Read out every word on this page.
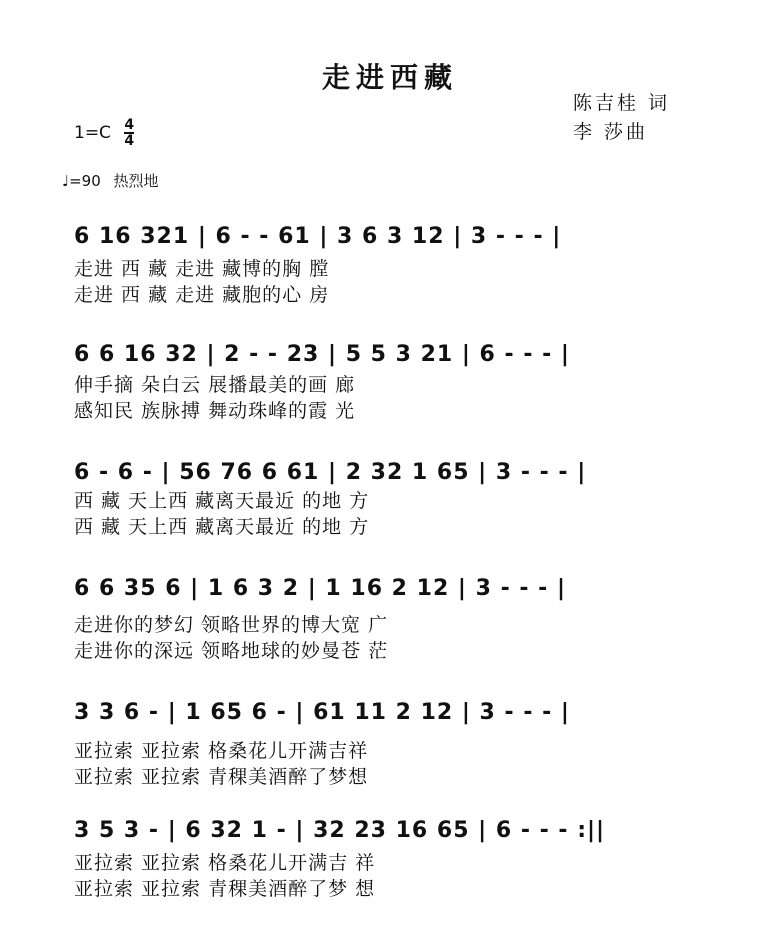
走进西藏
陈吉桂 词
李 莎曲
$1=C \frac{4}{4}$
♩=90 热烈地
6 16 321 | 6 - - 61 | 3 6 3 12 | 3 - - - |
走进 西 藏 走进 藏博的胸 膛
走进 西 藏 走进 藏胞的心 房
6 6 16 32 | 2 - - 23 | 5 5 3 21 | 6 - - - |
伸手摘 朵白云 展播最美的画 廊
感知民 族脉搏 舞动珠峰的霞 光
6 - 6 - | 56 76 6 61 | 2 32 1 65 | 3 - - - |
西 藏 天上西 藏离天最近 的地 方
西 藏 天上西 藏离天最近 的地 方
6 6 35 6 | 1 6 3 2 | 1 16 2 12 | 3 - - - |
走进你的梦幻 领略世界的博大宽 广
走进你的深远 领略地球的妙曼苍 茫
3 3 6 - | 1 65 6 - | 61 11 2 12 | 3 - - - |
亚拉索 亚拉索 格桑花儿开满吉祥
亚拉索 亚拉索 青稞美酒醉了梦想
3 5 3 - | 6 32 1 - | 32 23 16 65 | 6 - - - :||
亚拉索 亚拉索 格桑花儿开满吉 祥
亚拉索 亚拉索 青稞美酒醉了梦 想
